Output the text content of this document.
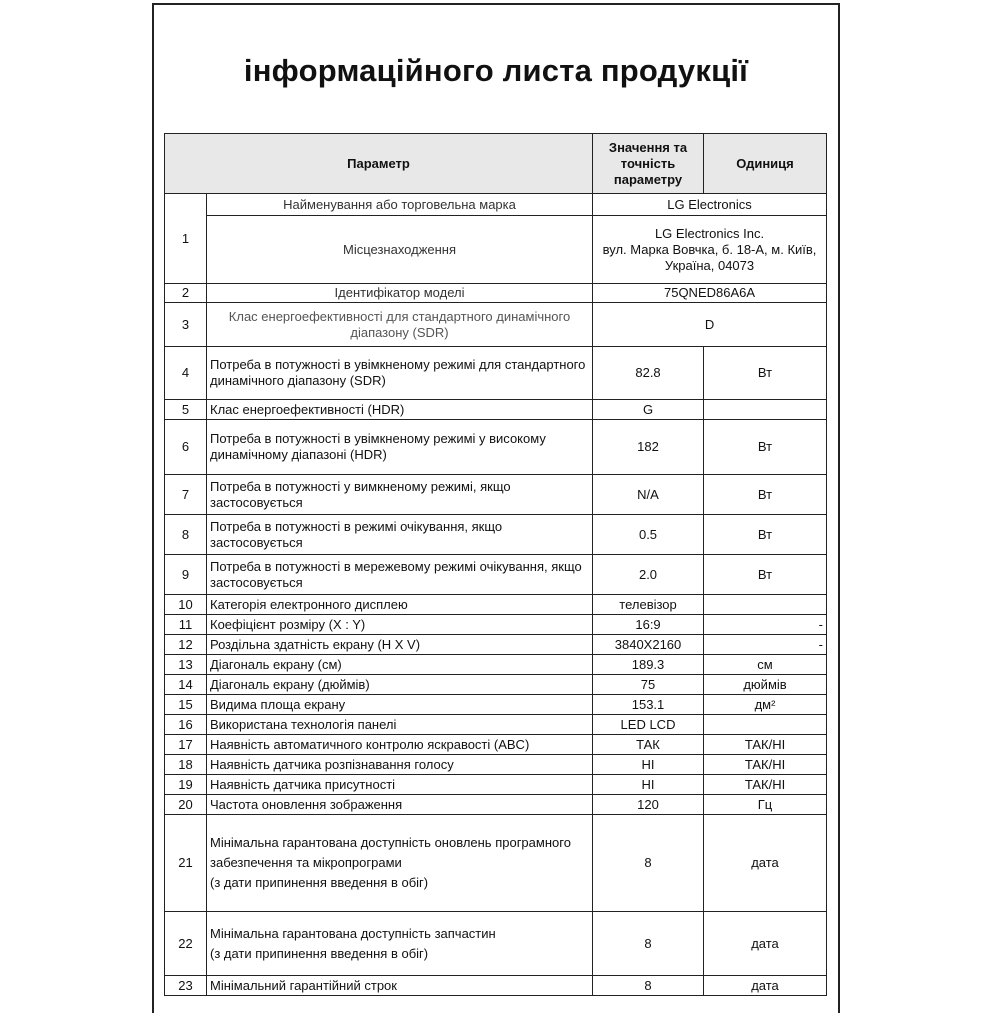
інформаційного листа продукції
Параметр		Значення та
точність
параметру	Одиниця
1	Найменування або торговельна марка	LG Electronics	
	Місцезнаходження	LG Electronics Inc.
вул. Марка Вовчка, б. 18-А, м. Київ,
Україна, 04073	

2	Ідентифікатор моделі	75QNED86A6A	
3	Клас енергоефективності для стандартного динамічного
діапазону (SDR)	D	
4	Потреба в потужності в увімкненому режимі для стандартного
динамічного діапазону (SDR)	82.8	Вт
5	Клас енергоефективності (HDR)	G	
6	Потреба в потужності в увімкненому режимі у високому
динамічному діапазоні (HDR)	182	Вт
7	Потреба в потужності у вимкненому режимі, якщо
застосовується	N/A	Вт
8	Потреба в потужності в режимі очікування, якщо
застосовується	0.5	Вт
9	Потреба в потужності в мережевому режимі очікування, якщо
застосовується	2.0	Вт
10	Категорія електронного дисплею	телевізор	
11	Коефіцієнт розміру (X : Y)	16:9	-
12	Роздільна здатність екрану (H X V)	3840X2160	-
13	Діагональ екрану (см)	189.3	см
14	Діагональ екрану (дюймів)	75	дюймів
15	Видима площа екрану	153.1	дм²
16	Використана технологія панелі	LED LCD	
17	Наявність автоматичного контролю яскравості (ABC)	ТАК	ТАК/НІ
18	Наявність датчика розпізнавання голосу	НІ	ТАК/НІ
19	Наявність датчика присутності	НІ	ТАК/НІ
20	Частота оновлення зображення	120	Гц
21	Мінімальна гарантована доступність оновлень програмного
забезпечення та мікропрограми
(з дати припинення введення в обіг)	8	дата
22	Мінімальна гарантована доступність запчастин
(з дати припинення введення в обіг)	8	дата
23	Мінімальний гарантійний строк	8	дата
